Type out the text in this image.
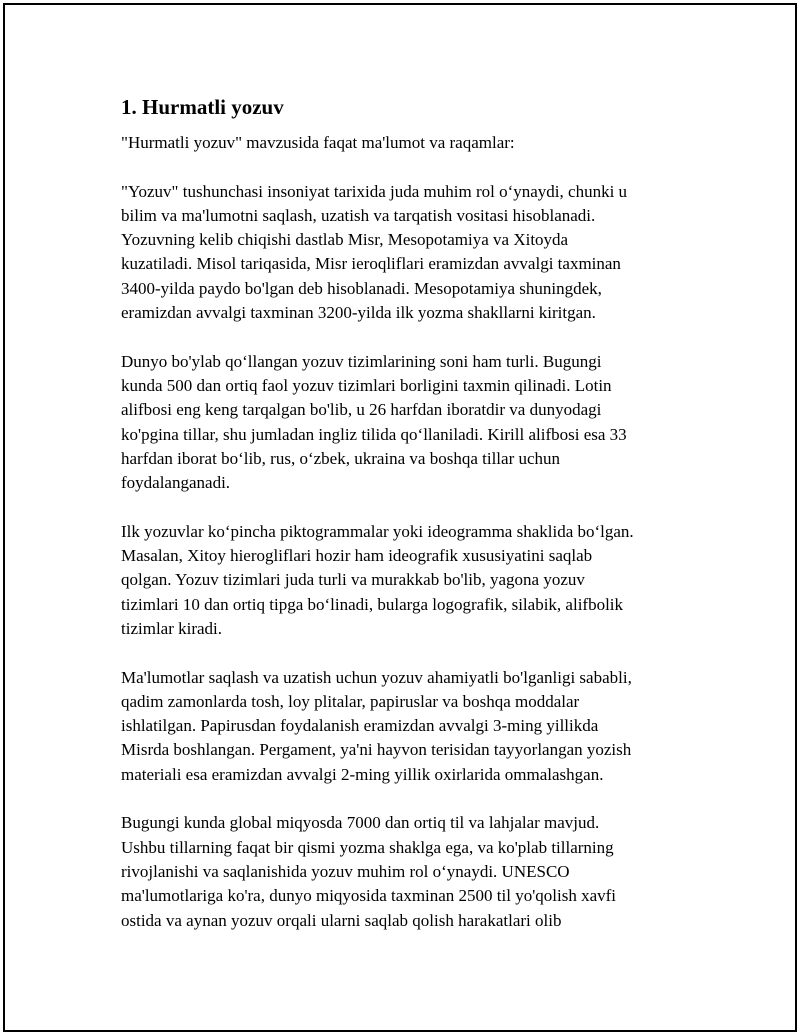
1. Hurmatli yozuv
"Hurmatli yozuv" mavzusida faqat ma'lumot va raqamlar:
"Yozuv" tushunchasi insoniyat tarixida juda muhim rol o‘ynaydi, chunki u
bilim va ma'lumotni saqlash, uzatish va tarqatish vositasi hisoblanadi.
Yozuvning kelib chiqishi dastlab Misr, Mesopotamiya va Xitoyda
kuzatiladi. Misol tariqasida, Misr ieroqliflari eramizdan avvalgi taxminan
3400-yilda paydo bo'lgan deb hisoblanadi. Mesopotamiya shuningdek,
eramizdan avvalgi taxminan 3200-yilda ilk yozma shakllarni kiritgan.
Dunyo bo'ylab qo‘llangan yozuv tizimlarining soni ham turli. Bugungi
kunda 500 dan ortiq faol yozuv tizimlari borligini taxmin qilinadi. Lotin
alifbosi eng keng tarqalgan bo'lib, u 26 harfdan iboratdir va dunyodagi
ko'pgina tillar, shu jumladan ingliz tilida qo‘llaniladi. Kirill alifbosi esa 33
harfdan iborat bo‘lib, rus, o‘zbek, ukraina va boshqa tillar uchun
foydalanganadi.
Ilk yozuvlar ko‘pincha piktogrammalar yoki ideogramma shaklida bo‘lgan.
Masalan, Xitoy hierogliflari hozir ham ideografik xususiyatini saqlab
qolgan. Yozuv tizimlari juda turli va murakkab bo'lib, yagona yozuv
tizimlari 10 dan ortiq tipga bo‘linadi, bularga logografik, silabik, alifbolik
tizimlar kiradi.
Ma'lumotlar saqlash va uzatish uchun yozuv ahamiyatli bo'lganligi sababli,
qadim zamonlarda tosh, loy plitalar, papiruslar va boshqa moddalar
ishlatilgan. Papirusdan foydalanish eramizdan avvalgi 3-ming yillikda
Misrda boshlangan. Pergament, ya'ni hayvon terisidan tayyorlangan yozish
materiali esa eramizdan avvalgi 2-ming yillik oxirlarida ommalashgan.
Bugungi kunda global miqyosda 7000 dan ortiq til va lahjalar mavjud.
Ushbu tillarning faqat bir qismi yozma shaklga ega, va ko'plab tillarning
rivojlanishi va saqlanishida yozuv muhim rol o‘ynaydi. UNESCO
ma'lumotlariga ko'ra, dunyo miqyosida taxminan 2500 til yo'qolish xavfi
ostida va aynan yozuv orqali ularni saqlab qolish harakatlari olib
